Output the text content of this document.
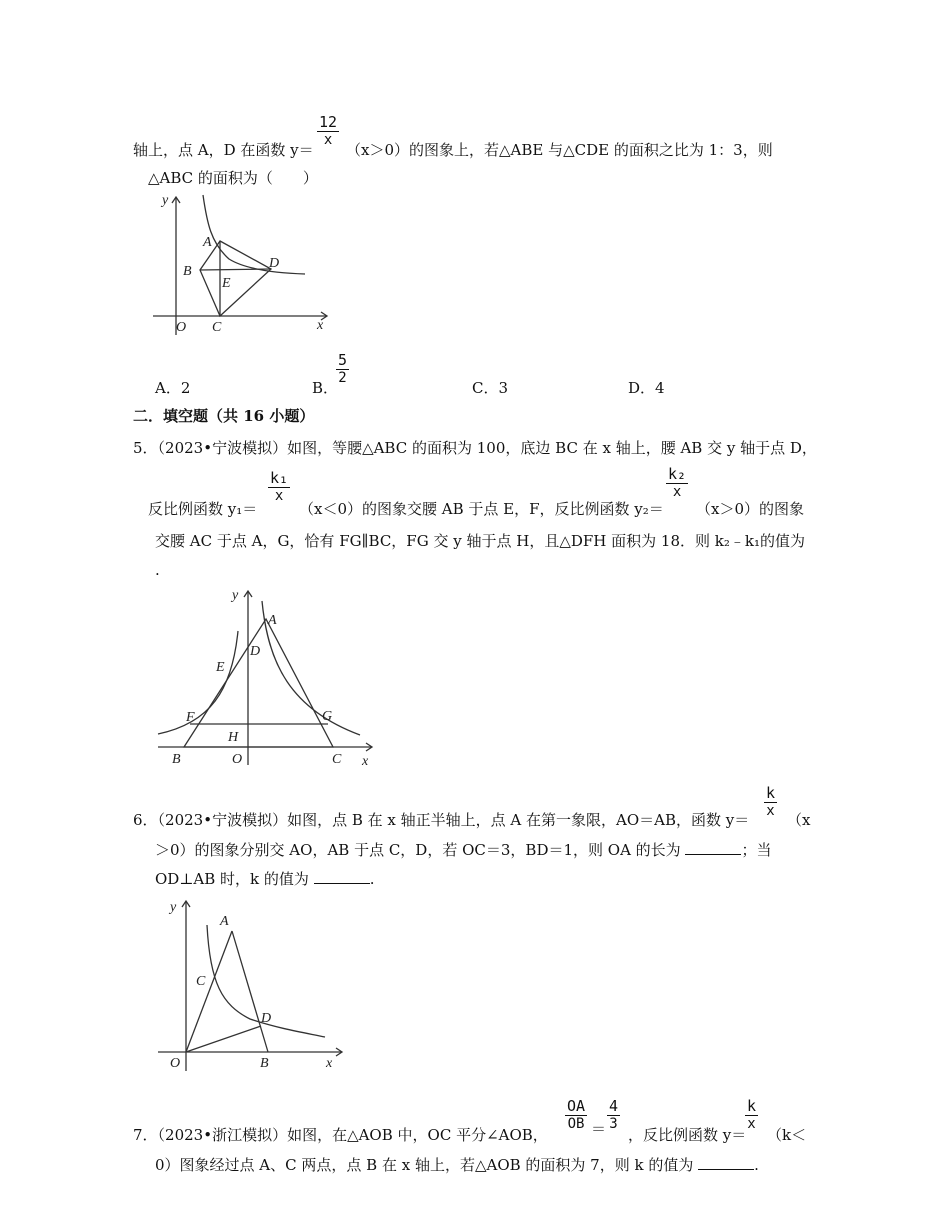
$\frac{12}{x}$
轴上，点 A，D 在函数 y＝ （x＞0）的图象上，若△ABE 与△CDE 的面积之比为 1：3，则
△ABC 的面积为（　　）
y
A
B
D
E
O C	x
A．2	B．
$\frac{5}{2}$
C．3	D．4
二．填空题（共 16 小题）
5．（2023•宁波模拟）如图，等腰△ABC 的面积为 100，底边 BC 在 x 轴上，腰 AB 交 y 轴于点 D，
反比例函数 y₁＝
$\frac{\text{k₁}}{x}$
（x＜0）的图象交腰 AB 于点 E，F，反比例函数 y₂＝
$\frac{\text{k₂}}{x}$
（x＞0）的图象
交腰 AC 于点 A，G，恰有 FG∥BC，FG 交 y 轴于点 H，且△DFH 面积为 18．则 k₂﹣k₁的值为
.
y
A
D
E
F	G
H
B	O	C x
$\frac{k}{x}$
6．（2023•宁波模拟）如图，点 B 在 x 轴正半轴上，点 A 在第一象限，AO＝AB，函数 y＝	（x
＞0）的图象分别交 AO，AB 于点 C，D，若 OC＝3，BD＝1，则 OA 的长为	；当
OD⊥AB 时，k 的值为	.
y
A
C
D
O	B	x
$\frac{OA}{OB} = \frac{4}{3}$	$\frac{k}{x}$
7．（2023•浙江模拟）如图，在△AOB 中，OC 平分∠AOB，	，反比例函数 y＝ （k＜
0）图象经过点 A、C 两点，点 B 在 x 轴上，若△AOB 的面积为 7，则 k 的值为	.
